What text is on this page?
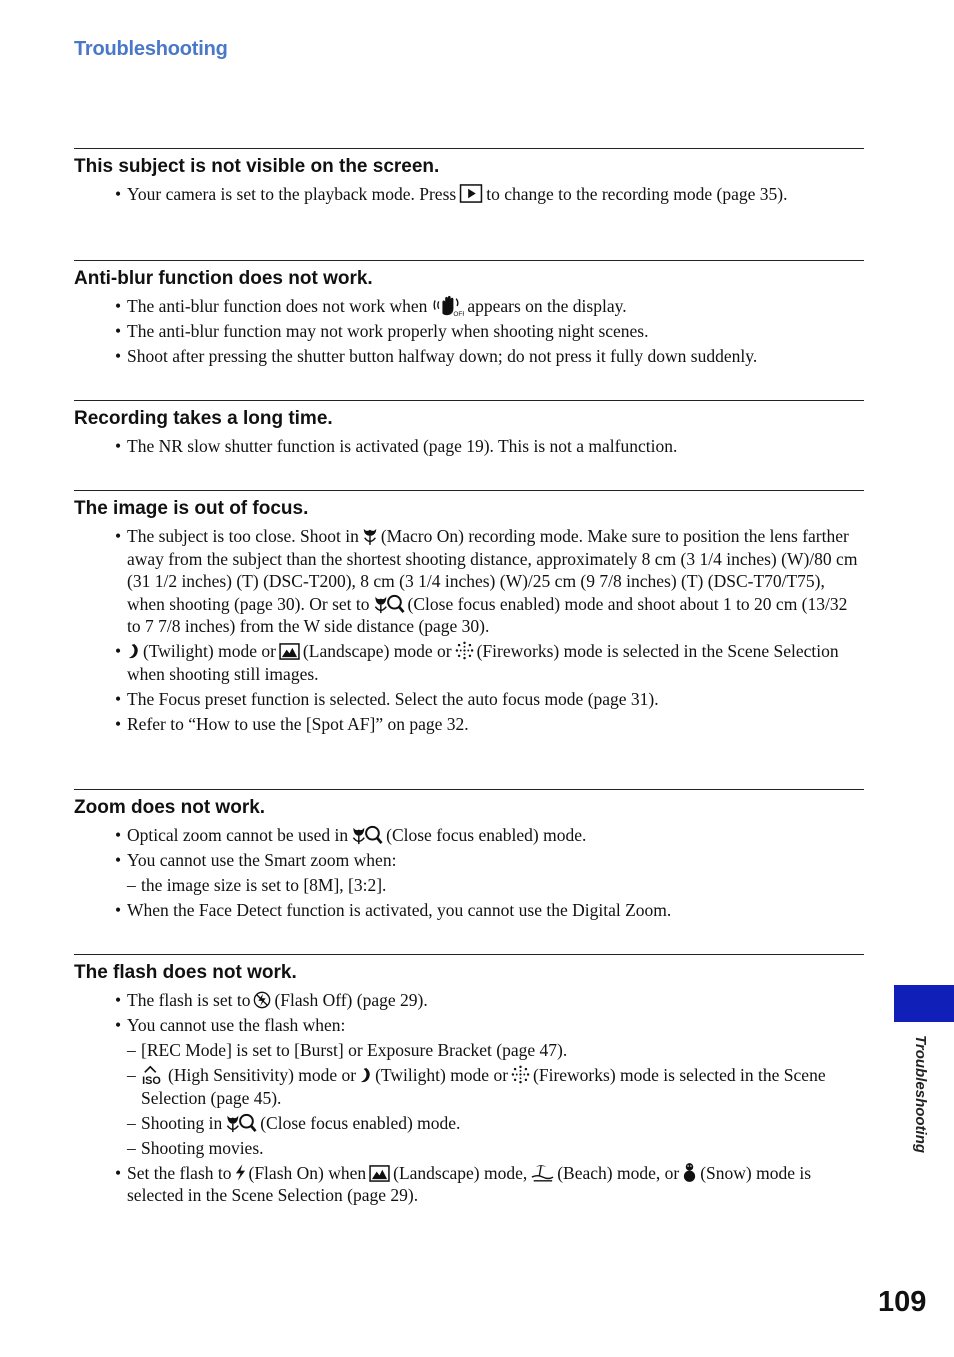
Troubleshooting
This subject is not visible on the screen.
• Your camera is set to the playback mode. Press to change to the recording mode (page 35).
Anti-blur function does not work.
• The anti-blur function does not work when appears on the display.
• The anti-blur function may not work properly when shooting night scenes.
• Shoot after pressing the shutter button halfway down; do not press it fully down suddenly.
Recording takes a long time.
• The NR slow shutter function is activated (page 19). This is not a malfunction.
The image is out of focus.
• The subject is too close. Shoot in (Macro On) recording mode. Make sure to position the lens farther away from the subject than the shortest shooting distance, approximately 8 cm (3 1/4 inches) (W)/80 cm (31 1/2 inches) (T) (DSC-T200), 8 cm (3 1/4 inches) (W)/25 cm (9 7/8 inches) (T) (DSC-T70/T75), when shooting (page 30). Or set to (Close focus enabled) mode and shoot about 1 to 20 cm (13/32 to 7 7/8 inches) from the W side distance (page 30).
• (Twilight) mode or (Landscape) mode or (Fireworks) mode is selected in the Scene Selection when shooting still images.
• The Focus preset function is selected. Select the auto focus mode (page 31).
• Refer to “How to use the [Spot AF]” on page 32.
Zoom does not work.
• Optical zoom cannot be used in (Close focus enabled) mode.
• You cannot use the Smart zoom when:
– the image size is set to [8M], [3:2].
• When the Face Detect function is activated, you cannot use the Digital Zoom.
The flash does not work.
• The flash is set to (Flash Off) (page 29).
• You cannot use the flash when:
– [REC Mode] is set to [Burst] or Exposure Bracket (page 47).
– (High Sensitivity) mode or (Twilight) mode or (Fireworks) mode is selected in the Scene Selection (page 45).
– Shooting in (Close focus enabled) mode.
– Shooting movies.
• Set the flash to (Flash On) when (Landscape) mode, (Beach) mode, or (Snow) mode is selected in the Scene Selection (page 29).
Troubleshooting
109
